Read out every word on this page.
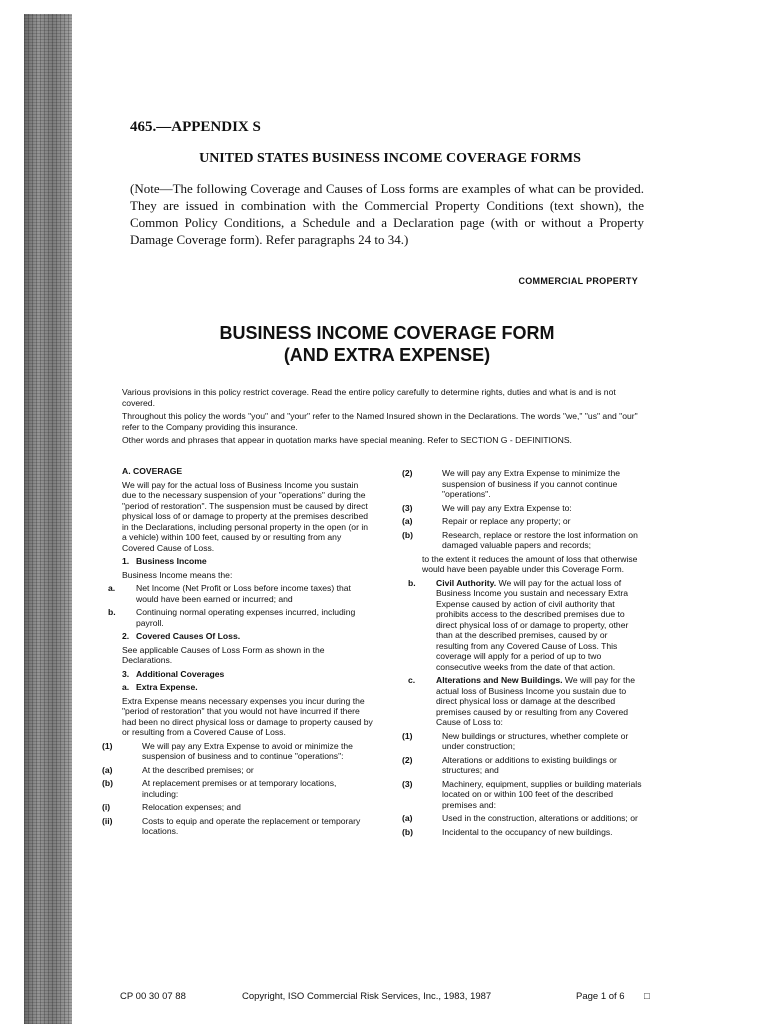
465.—APPENDIX S
UNITED STATES BUSINESS INCOME COVERAGE FORMS
(Note—The following Coverage and Causes of Loss forms are examples of what can be provided. They are issued in combination with the Commercial Property Conditions (text shown), the Common Policy Conditions, a Schedule and a Declaration page (with or without a Property Damage Coverage form). Refer paragraphs 24 to 34.)
COMMERCIAL PROPERTY
BUSINESS INCOME COVERAGE FORM
(AND EXTRA EXPENSE)

Various provisions in this policy restrict coverage. Read the entire policy carefully to determine rights, duties and what is and is not covered.

Throughout this policy the words "you" and "your" refer to the Named Insured shown in the Declarations. The words "we," "us" and "our" refer to the Company providing this insurance.

Other words and phrases that appear in quotation marks have special meaning. Refer to SECTION G - DEFINITIONS.

A. COVERAGE
We will pay for the actual loss of Business Income you sustain due to the necessary suspension of your "operations" during the "period of restoration". The suspension must be caused by direct physical loss of or damage to property at the premises described in the Declarations, including personal property in the open (or in a vehicle) within 100 feet, caused by or resulting from any Covered Cause of Loss.
1. Business Income
Business Income means the:
a. Net Income (Net Profit or Loss before income taxes) that would have been earned or incurred; and
b. Continuing normal operating expenses incurred, including payroll.
2. Covered Causes Of Loss.
See applicable Causes of Loss Form as shown in the Declarations.
3. Additional Coverages
a. Extra Expense.
Extra Expense means necessary expenses you incur during the "period of restoration" that you would not have incurred if there had been no direct physical loss or damage to property caused by or resulting from a Covered Cause of Loss.
(1)	We will pay any Extra Expense to avoid or minimize the suspension of business and to continue "operations":
(a)	At the described premises; or
(b)	At replacement premises or at temporary locations, including:
(i)	Relocation expenses; and
(ii)	Costs to equip and operate the replacement or temporary locations.
(2)	We will pay any Extra Expense to minimize the suspension of business if you cannot continue "operations".
(3)	We will pay any Extra Expense to:
(a)	Repair or replace any property; or
(b)	Research, replace or restore the lost information on damaged valuable papers and records;
to the extent it reduces the amount of loss that otherwise would have been payable under this Coverage Form.
b. Civil Authority. We will pay for the actual loss of Business Income you sustain and necessary Extra Expense caused by action of civil authority that prohibits access to the described premises due to direct physical loss of or damage to property, other than at the described premises, caused by or resulting from any Covered Cause of Loss. This coverage will apply for a period of up to two consecutive weeks from the date of that action.
c. Alterations and New Buildings. We will pay for the actual loss of Business Income you sustain due to direct physical loss or damage at the described premises caused by or resulting from any Covered Cause of Loss to:
(1)	New buildings or structures, whether complete or under construction;
(2)	Alterations or additions to existing buildings or structures; and
(3)	Machinery, equipment, supplies or building materials located on or within 100 feet of the described premises and:
(a)	Used in the construction, alterations or additions; or
(b)	Incidental to the occupancy of new buildings.
CP 00 30 07 88	Copyright, ISO Commercial Risk Services, Inc., 1983, 1987	Page 1 of 6 □
